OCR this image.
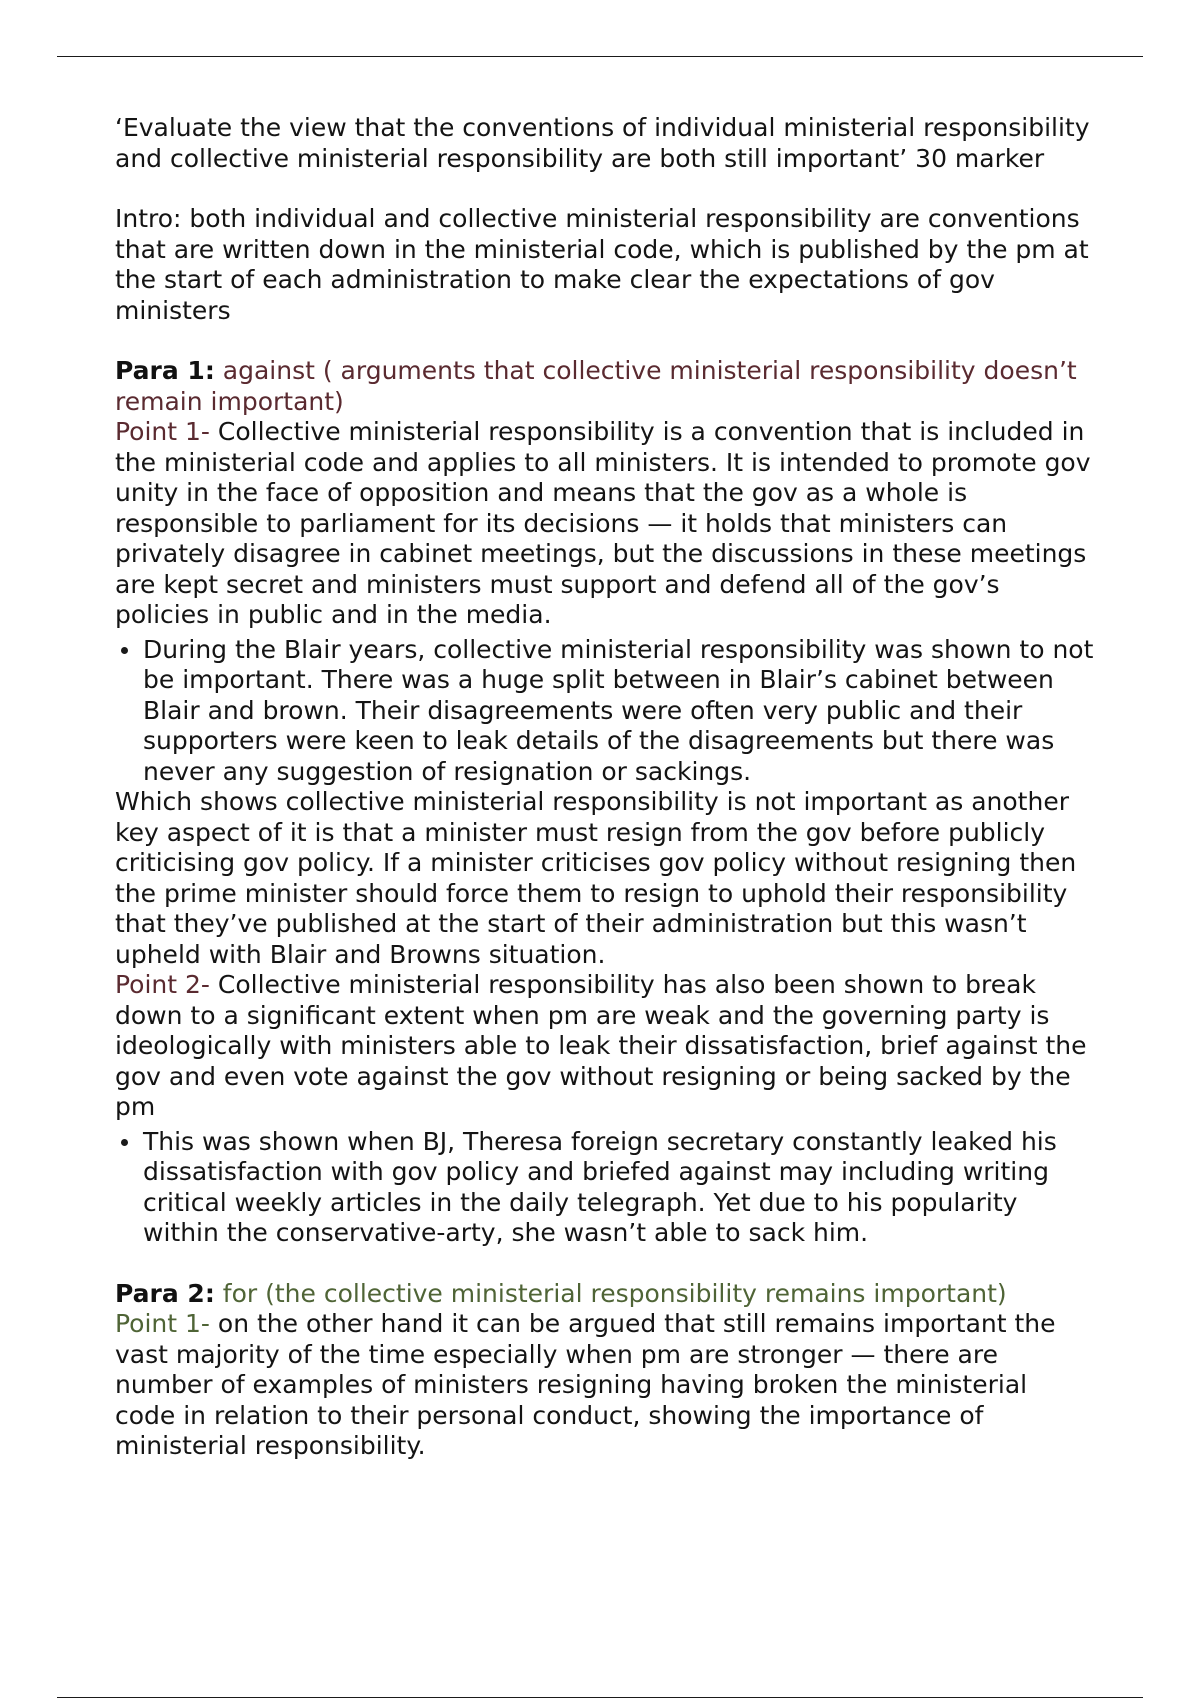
‘Evaluate the view that the conventions of individual ministerial responsibility and collective ministerial responsibility are both still important’ 30 marker

Intro: both individual and collective ministerial responsibility are conventions that are written down in the ministerial code, which is published by the pm at the start of each administration to make clear the expectations of gov ministers

Para 1: against ( arguments that collective ministerial responsibility doesn’t remain important)

Point 1- Collective ministerial responsibility is a convention that is included in the ministerial code and applies to all ministers. It is intended to promote gov unity in the face of opposition and means that the gov as a whole is responsible to parliament for its decisions — it holds that ministers can privately disagree in cabinet meetings, but the discussions in these meetings are kept secret and ministers must support and defend all of the gov’s policies in public and in the media.

During the Blair years, collective ministerial responsibility was shown to not be important. There was a huge split between in Blair’s cabinet between Blair and brown. Their disagreements were often very public and their supporters were keen to leak details of the disagreements but there was never any suggestion of resignation or sackings.

Which shows collective ministerial responsibility is not important as another key aspect of it is that a minister must resign from the gov before publicly criticising gov policy. If a minister criticises gov policy without resigning then the prime minister should force them to resign to uphold their responsibility that they’ve published at the start of their administration but this wasn’t upheld with Blair and Browns situation.

Point 2- Collective ministerial responsibility has also been shown to break down to a significant extent when pm are weak and the governing party is ideologically with ministers able to leak their dissatisfaction, brief against the gov and even vote against the gov without resigning or being sacked by the pm

This was shown when BJ, Theresa foreign secretary constantly leaked his dissatisfaction with gov policy and briefed against may including writing critical weekly articles in the daily telegraph. Yet due to his popularity within the conservative-arty, she wasn’t able to sack him.

Para 2: for (the collective ministerial responsibility remains important)

Point 1- on the other hand it can be argued that still remains important the vast majority of the time especially when pm are stronger — there are number of examples of ministers resigning having broken the ministerial code in relation to their personal conduct, showing the importance of ministerial responsibility.
